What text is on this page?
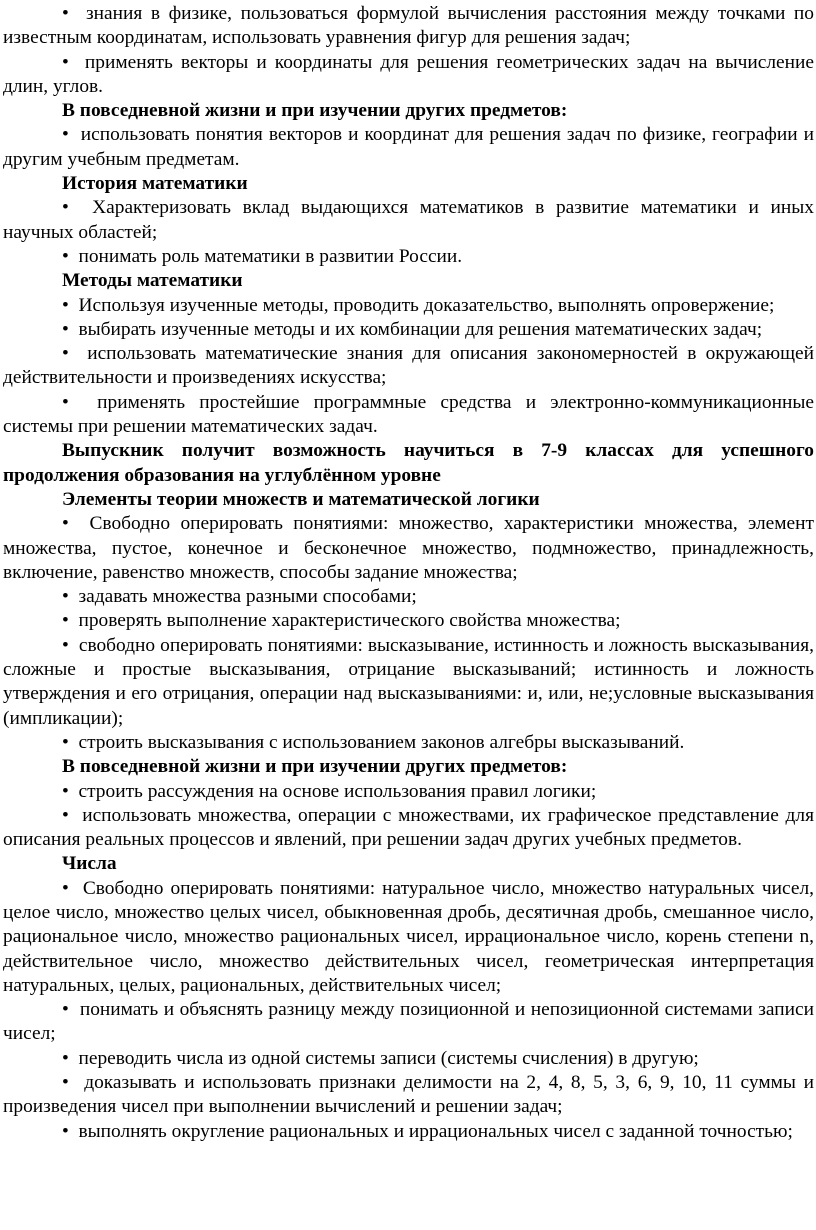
•  знания в физике, пользоваться формулой вычисления расстояния между точками по известным координатам, использовать уравнения фигур для решения задач;

•  применять векторы и координаты для решения геометрических задач на вычисление длин, углов.

В повседневной жизни и при изучении других предметов:

•  использовать понятия векторов и координат для решения задач по физике, географии и другим учебным предметам.

История математики

•  Характеризовать вклад выдающихся математиков в развитие математики и иных научных областей;

•  понимать роль математики в развитии России.

Методы математики

•  Используя изученные методы, проводить доказательство, выполнять опровержение;

•  выбирать изученные методы и их комбинации для решения математических задач;

•  использовать математические знания для описания закономерностей в окружающей действительности и произведениях искусства;

•  применять простейшие программные средства и электронно-коммуникационные системы при решении математических задач.

Выпускник получит возможность научиться в 7-9 классах для успешного продолжения образования на углублённом уровне

Элементы теории множеств и математической логики

•  Свободно оперировать понятиями: множество, характеристики множества, элемент множества, пустое, конечное и бесконечное множество, подмножество, принадлежность, включение, равенство множеств, способы задание множества;

•  задавать множества разными способами;

•  проверять выполнение характеристического свойства множества;

•  свободно оперировать понятиями: высказывание, истинность и ложность высказывания, сложные и простые высказывания, отрицание высказываний; истинность и ложность утверждения и его отрицания, операции над высказываниями: и, или, не;условные высказывания (импликации);

•  строить высказывания с использованием законов алгебры высказываний.

В повседневной жизни и при изучении других предметов:

•  строить рассуждения на основе использования правил логики;

•  использовать множества, операции с множествами, их графическое представление для описания реальных процессов и явлений, при решении задач других учебных предметов.

Числа

•  Свободно оперировать понятиями: натуральное число, множество натуральных чисел, целое число, множество целых чисел, обыкновенная дробь, десятичная дробь, смешанное число, рациональное число, множество рациональных чисел, иррациональное число, корень степени n, действительное число, множество действительных чисел, геометрическая интерпретация натуральных, целых, рациональных, действительных чисел;

•  понимать и объяснять разницу между позиционной и непозиционной системами записи чисел;

•  переводить числа из одной системы записи (системы счисления) в другую;

•  доказывать и использовать признаки делимости на 2, 4, 8, 5, 3, 6, 9, 10, 11 суммы и произведения чисел при выполнении вычислений и решении задач;

•  выполнять округление рациональных и иррациональных чисел с заданной точностью;
